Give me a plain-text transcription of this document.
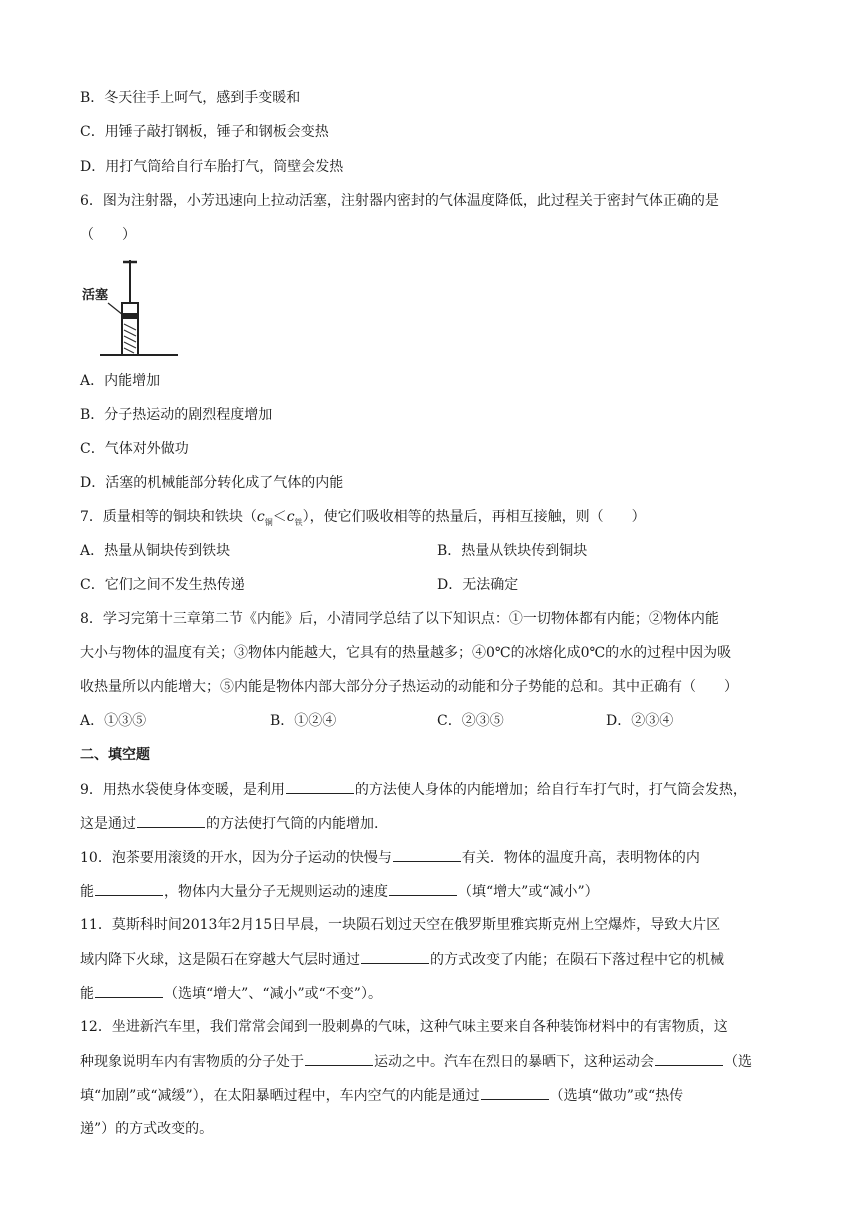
B．冬天往手上呵气，感到手变暖和
C．用锤子敲打钢板，锤子和钢板会变热
D．用打气筒给自行车胎打气，筒壁会发热
6．图为注射器，小芳迅速向上拉动活塞，注射器内密封的气体温度降低，此过程关于密封气体正确的是
（　　）
活塞
A．内能增加
B．分子热运动的剧烈程度增加
C．气体对外做功
D．活塞的机械能部分转化成了气体的内能
7．质量相等的铜块和铁块$(c_铜<c_铁)$，使它们吸收相等的热量后，再相互接触，则（　　）
A．热量从铜块传到铁块	B．热量从铁块传到铜块
C．它们之间不发生热传递	D．无法确定
8．学习完第十三章第二节《内能》后，小清同学总结了以下知识点：①一切物体都有内能；②物体内能
大小与物体的温度有关；③物体内能越大，它具有的热量越多；④0℃的冰熔化成0℃的水的过程中因为吸
收热量所以内能增大；⑤内能是物体内部大部分分子热运动的动能和分子势能的总和。其中正确有（　　）
A．①③⑤	B．①②④	C．②③⑤	D．②③④
二、填空题
9．用热水袋使身体变暖，是利用	的方法使人身体的内能增加；给自行车打气时，打气筒会发热，
这是通过	的方法使打气筒的内能增加.
10．泡茶要用滚烫的开水，因为分子运动的快慢与	有关．物体的温度升高，表明物体的内
能	，物体内大量分子无规则运动的速度	（填“增大”或“减小”）
11．莫斯科时间2013年2月15日早晨，一块陨石划过天空在俄罗斯里雅宾斯克州上空爆炸，导致大片区
域内降下火球，这是陨石在穿越大气层时通过	的方式改变了内能；在陨石下落过程中它的机械
能	（选填“增大”、“减小”或“不变”）。
12．坐进新汽车里，我们常常会闻到一股刺鼻的气味，这种气味主要来自各种装饰材料中的有害物质，这
种现象说明车内有害物质的分子处于	运动之中。汽车在烈日的暴晒下，这种运动会	（选
填“加剧”或“减缓”），在太阳暴晒过程中，车内空气的内能是通过	（选填“做功”或“热传
递”）的方式改变的。
